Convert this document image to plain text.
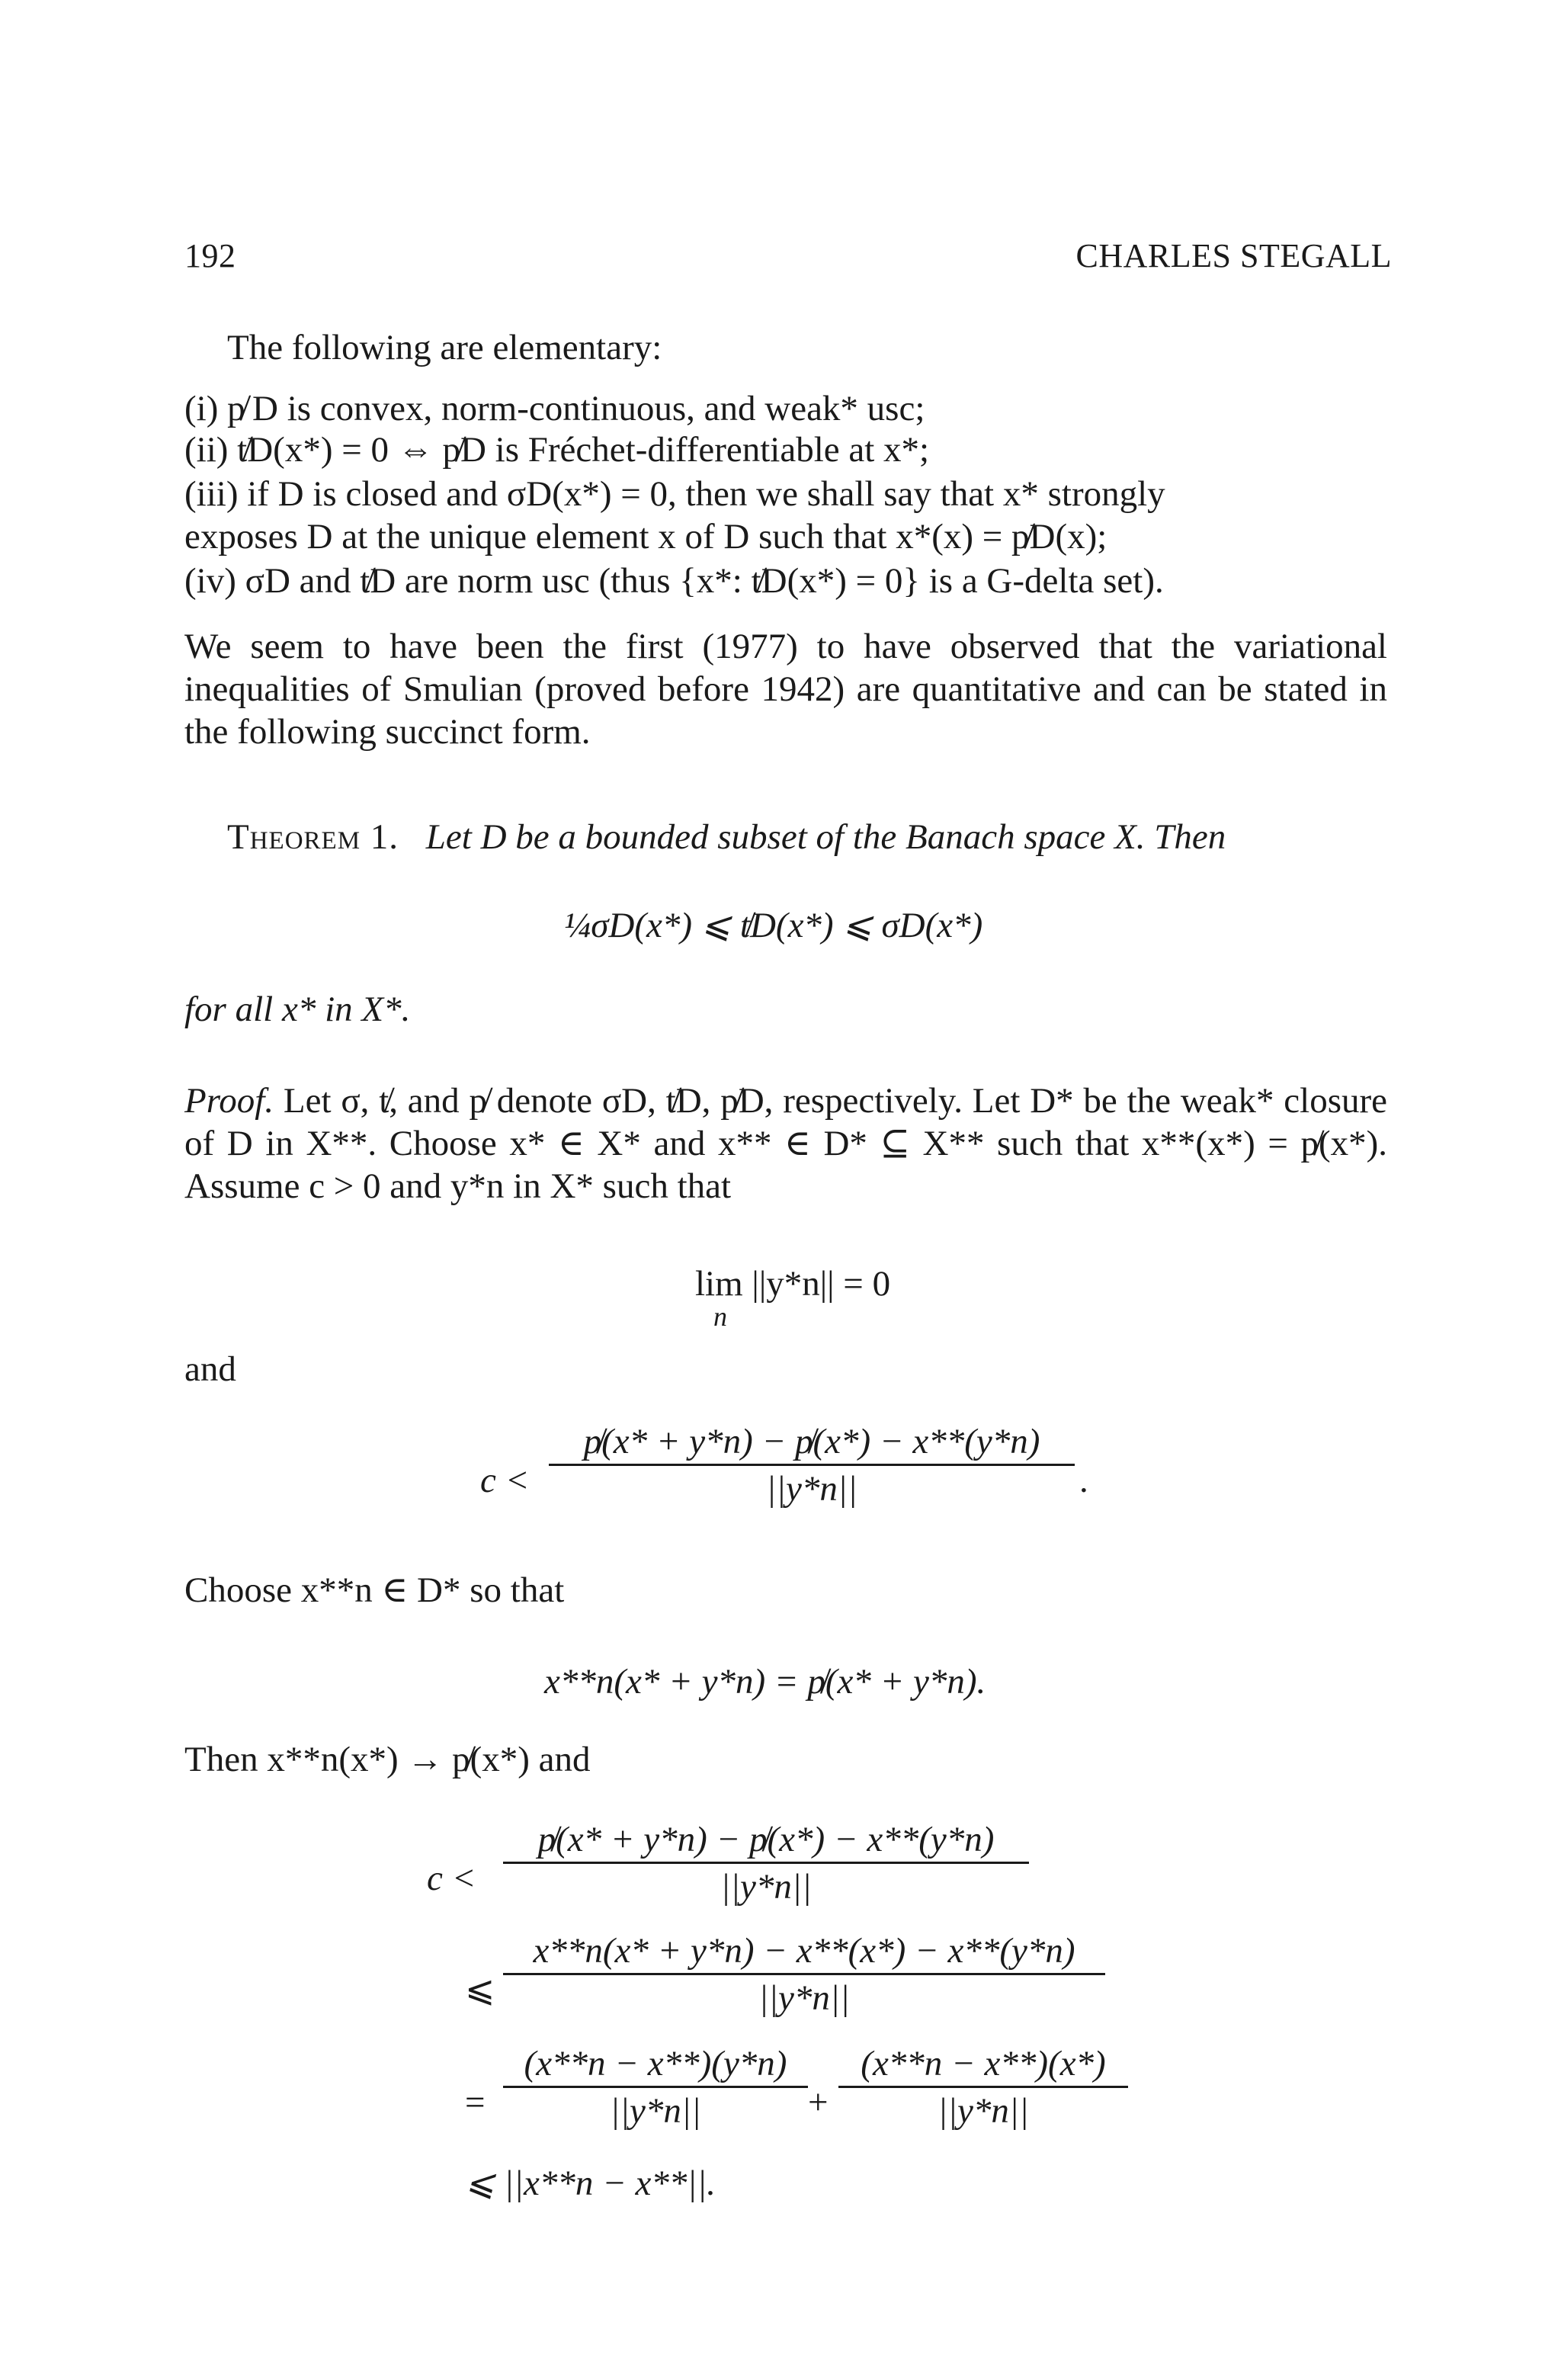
192	CHARLES STEGALL
The following are elementary:
(i) p̸ D is convex, norm-continuous, and weak* usc;
(ii) t̸D(x*) = 0 ⇔ p̸D is Fréchet-differentiable at x*;
(iii) if D is closed and σD(x*) = 0, then we shall say that x* strongly
exposes D at the unique element x of D such that x*(x) = p̸D(x);
(iv) σD and t̸D are norm usc (thus {x*: t̸D(x*) = 0} is a G-delta set).
We seem to have been the first (1977) to have observed that the variational inequalities of Smulian (proved before 1942) are quantitative and can be stated in the following succinct form.
Theorem 1. Let D be a bounded subset of the Banach space X. Then
¼σD(x*) ⩽ t̸D(x*) ⩽ σD(x*)
for all x* in X*.
Proof. Let σ, t̸, and p̸ denote σD, t̸D, p̸D, respectively. Let D* be the weak* closure of D in X**. Choose x* ∈ X* and x** ∈ D* ⊆ X** such that x**(x*) = p̸(x*). Assume c > 0 and y*n in X* such that
lim ||y*n|| = 0
n
and
c <
p̸(x* + y*n) − p̸(x*) − x**(y*n)
||y*n||	.
Choose x**n ∈ D* so that
x**n(x* + y*n) = p̸(x* + y*n).
Then x**n(x*) → p̸(x*) and
c <
p̸(x* + y*n) − p̸(x*) − x**(y*n)
||y*n||
⩽
x**n(x* + y*n) − x**(x*) − x**(y*n)
||y*n||
=
(x**n − x**)(y*n)
||y*n||	+
(x**n − x**)(x*)
||y*n||
⩽ ||x**n − x**||.
